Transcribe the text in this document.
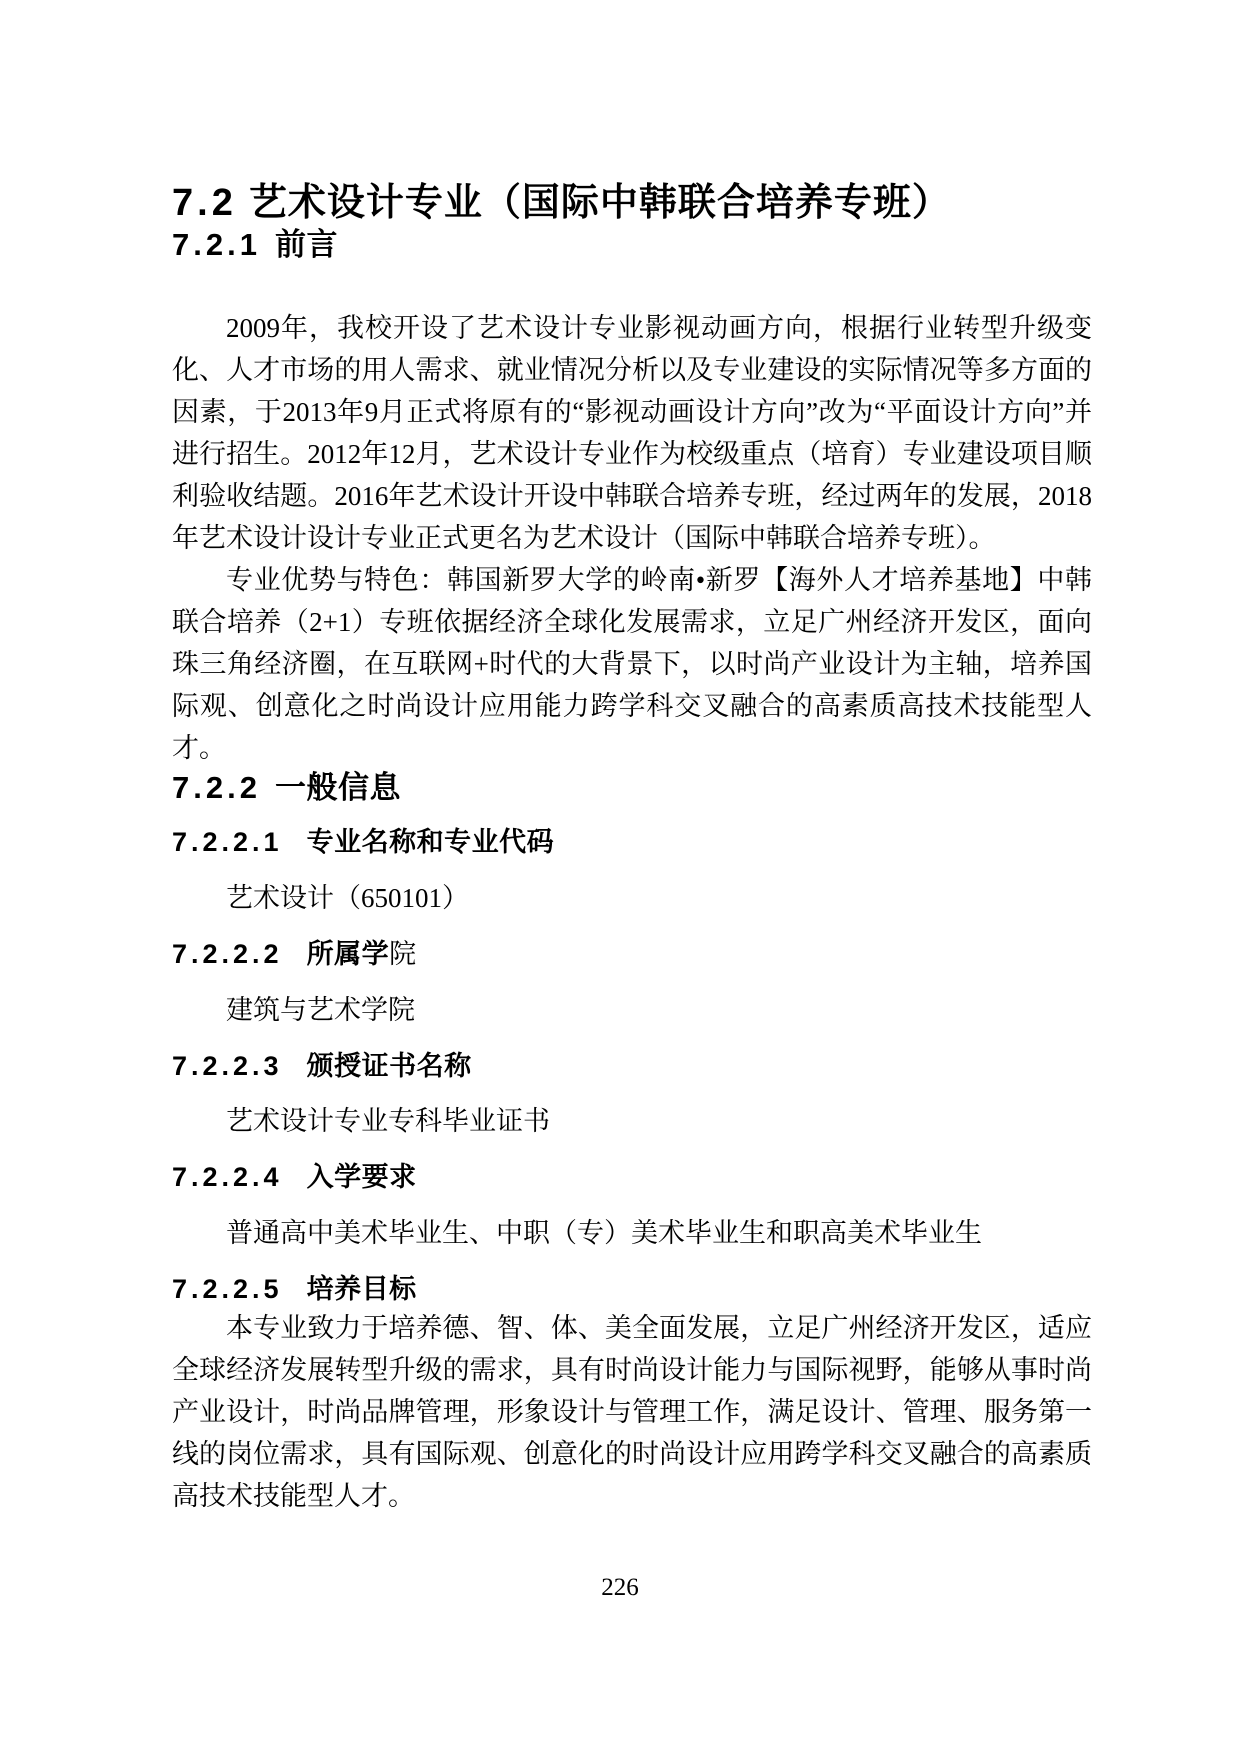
7.2 艺术设计专业（国际中韩联合培养专班）
7.2.1 前言

2009年，我校开设了艺术设计专业影视动画方向，根据行业转型升级变化、人才市场的用人需求、就业情况分析以及专业建设的实际情况等多方面的因素，于2013年9月正式将原有的“影视动画设计方向”改为“平面设计方向”并进行招生。2012年12月，艺术设计专业作为校级重点（培育）专业建设项目顺利验收结题。2016年艺术设计开设中韩联合培养专班，经过两年的发展，2018年艺术设计设计专业正式更名为艺术设计（国际中韩联合培养专班）。

专业优势与特色：韩国新罗大学的岭南•新罗【海外人才培养基地】中韩联合培养（2+1）专班依据经济全球化发展需求，立足广州经济开发区，面向珠三角经济圈，在互联网+时代的大背景下，以时尚产业设计为主轴，培养国际观、创意化之时尚设计应用能力跨学科交叉融合的高素质高技术技能型人才。

7.2.2 一般信息
7.2.2.1 专业名称和专业代码

艺术设计（650101）

7.2.2.2 所属学院

建筑与艺术学院

7.2.2.3 颁授证书名称

艺术设计专业专科毕业证书

7.2.2.4 入学要求

普通高中美术毕业生、中职（专）美术毕业生和职高美术毕业生

7.2.2.5 培养目标

本专业致力于培养德、智、体、美全面发展，立足广州经济开发区，适应全球经济发展转型升级的需求，具有时尚设计能力与国际视野，能够从事时尚产业设计，时尚品牌管理，形象设计与管理工作，满足设计、管理、服务第一线的岗位需求，具有国际观、创意化的时尚设计应用跨学科交叉融合的高素质高技术技能型人才。

226
